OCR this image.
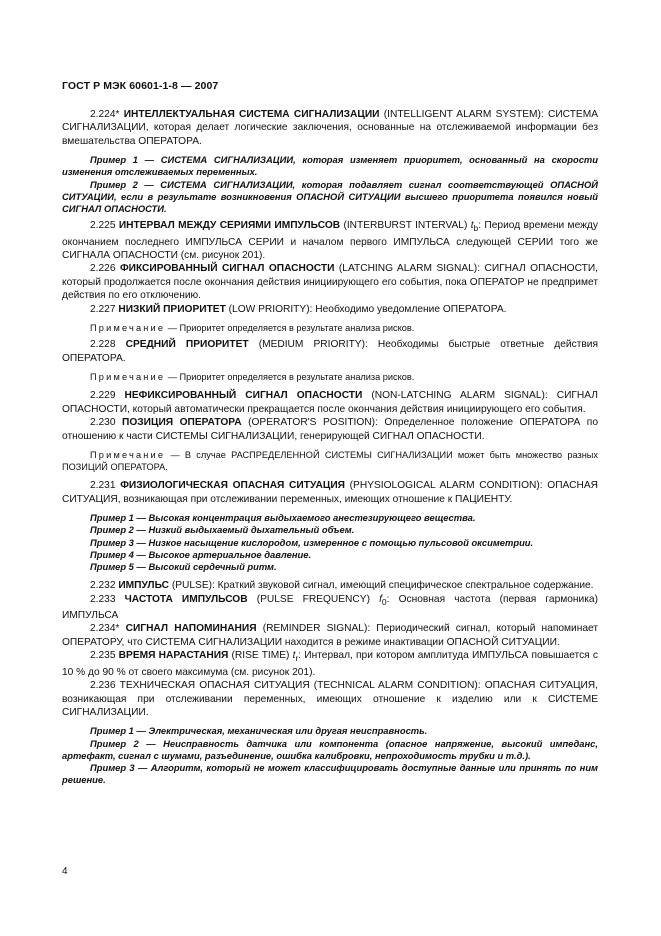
ГОСТ Р МЭК 60601-1-8 — 2007

2.224* ИНТЕЛЛЕКТУАЛЬНАЯ СИСТЕМА СИГНАЛИЗАЦИИ (INTELLIGENT ALARM SYSTEM): СИСТЕМА СИГНАЛИЗАЦИИ, которая делает логические заключения, основанные на отслеживаемой информации без вмешательства ОПЕРАТОРА.

Пример 1 — СИСТЕМА СИГНАЛИЗАЦИИ, которая изменяет приоритет, основанный на скорости изменения отслеживаемых переменных.

Пример 2 — СИСТЕМА СИГНАЛИЗАЦИИ, которая подавляет сигнал соответствующей ОПАСНОЙ СИТУАЦИИ, если в результате возникновения ОПАСНОЙ СИТУАЦИИ высшего приоритета появился новый СИГНАЛ ОПАСНОСТИ.

2.225 ИНТЕРВАЛ МЕЖДУ СЕРИЯМИ ИМПУЛЬСОВ (INTERBURST INTERVAL) $t_b$: Период времени между окончанием последнего ИМПУЛЬСА СЕРИИ и началом первого ИМПУЛЬСА следующей СЕРИИ того же СИГНАЛА ОПАСНОСТИ (см. рисунок 201).

2.226 ФИКСИРОВАННЫЙ СИГНАЛ ОПАСНОСТИ (LATCHING ALARM SIGNAL): СИГНАЛ ОПАСНОСТИ, который продолжается после окончания действия инициирующего его события, пока ОПЕРАТОР не предпримет действия по его отключению.

2.227 НИЗКИЙ ПРИОРИТЕТ (LOW PRIORITY): Необходимо уведомление ОПЕРАТОРА.

Примечание — Приоритет определяется в результате анализа рисков.

2.228 СРЕДНИЙ ПРИОРИТЕТ (MEDIUM PRIORITY): Необходимы быстрые ответные действия ОПЕРАТОРА.

Примечание — Приоритет определяется в результате анализа рисков.

2.229 НЕФИКСИРОВАННЫЙ СИГНАЛ ОПАСНОСТИ (NON-LATCHING ALARM SIGNAL): СИГНАЛ ОПАСНОСТИ, который автоматически прекращается после окончания действия инициирующего его события.

2.230 ПОЗИЦИЯ ОПЕРАТОРА (OPERATOR'S POSITION): Определенное положение ОПЕРАТОРА по отношению к части СИСТЕМЫ СИГНАЛИЗАЦИИ, генерирующей СИГНАЛ ОПАСНОСТИ.

Примечание — В случае РАСПРЕДЕЛЕННОЙ СИСТЕМЫ СИГНАЛИЗАЦИИ может быть множество разных ПОЗИЦИЙ ОПЕРАТОРА.

2.231 ФИЗИОЛОГИЧЕСКАЯ ОПАСНАЯ СИТУАЦИЯ (PHYSIOLOGICAL ALARM CONDITION): ОПАСНАЯ СИТУАЦИЯ, возникающая при отслеживании переменных, имеющих отношение к ПАЦИЕНТУ.

Пример 1 — Высокая концентрация выдыхаемого анестезирующего вещества.

Пример 2 — Низкий выдыхаемый дыхательный объем.

Пример 3 — Низкое насыщение кислородом, измеренное с помощью пульсовой оксиметрии.

Пример 4 — Высокое артериальное давление.

Пример 5 — Высокий сердечный ритм.

2.232 ИМПУЛЬС (PULSE): Краткий звуковой сигнал, имеющий специфическое спектральное содержание.

2.233 ЧАСТОТА ИМПУЛЬСОВ (PULSE FREQUENCY) $f_0$: Основная частота (первая гармоника) ИМПУЛЬСА

2.234* СИГНАЛ НАПОМИНАНИЯ (REMINDER SIGNAL): Периодический сигнал, который напоминает ОПЕРАТОРУ, что СИСТЕМА СИГНАЛИЗАЦИИ находится в режиме инактивации ОПАСНОЙ СИТУАЦИИ.

2.235 ВРЕМЯ НАРАСТАНИЯ (RISE TIME) $t_r$: Интервал, при котором амплитуда ИМПУЛЬСА повышается с 10 % до 90 % от своего максимума (см. рисунок 201).

2.236 ТЕХНИЧЕСКАЯ ОПАСНАЯ СИТУАЦИЯ (TECHNICAL ALARM CONDITION): ОПАСНАЯ СИТУАЦИЯ, возникающая при отслеживании переменных, имеющих отношение к изделию или к СИСТЕМЕ СИГНАЛИЗАЦИИ.

Пример 1 — Электрическая, механическая или другая неисправность.

Пример 2 — Неисправность датчика или компонента (опасное напряжение, высокий импеданс, артефакт, сигнал с шумами, разъединение, ошибка калибровки, непроходимость трубки и т.д.).

Пример 3 — Алгоритм, который не может классифицировать доступные данные или принять по ним решение.

4
